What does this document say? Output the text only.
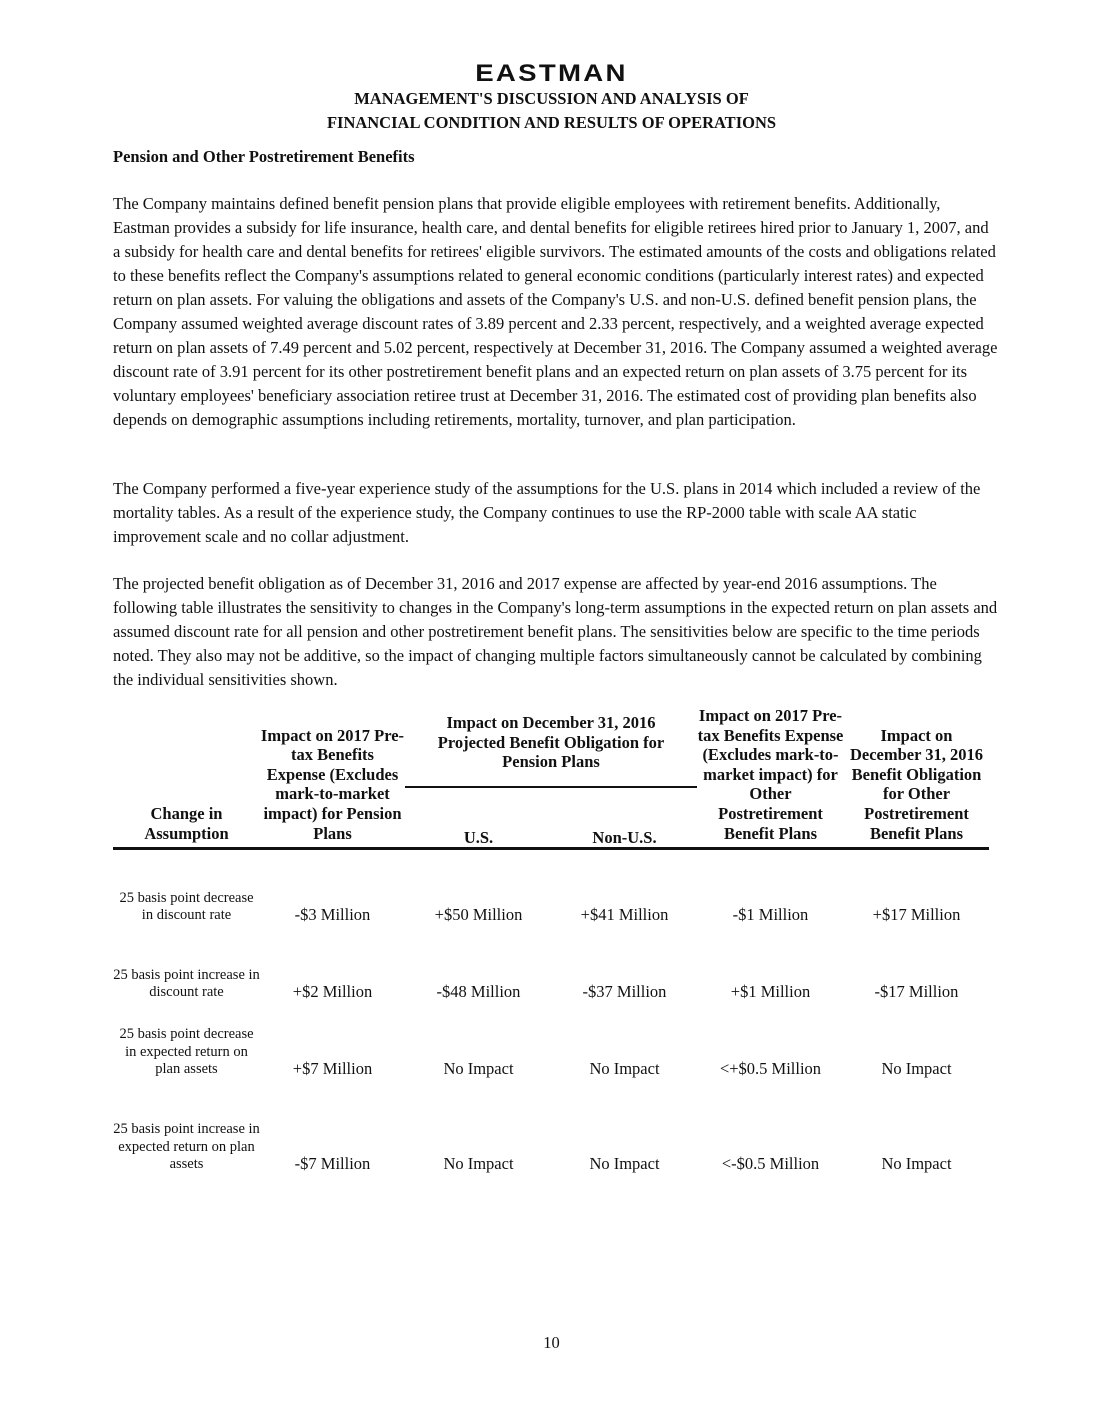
EASTMAN
MANAGEMENT'S DISCUSSION AND ANALYSIS OF
FINANCIAL CONDITION AND RESULTS OF OPERATIONS
Pension and Other Postretirement Benefits

The Company maintains defined benefit pension plans that provide eligible employees with retirement benefits. Additionally, Eastman provides a subsidy for life insurance, health care, and dental benefits for eligible retirees hired prior to January 1, 2007, and a subsidy for health care and dental benefits for retirees' eligible survivors. The estimated amounts of the costs and obligations related to these benefits reflect the Company's assumptions related to general economic conditions (particularly interest rates) and expected return on plan assets. For valuing the obligations and assets of the Company's U.S. and non-U.S. defined benefit pension plans, the Company assumed weighted average discount rates of 3.89 percent and 2.33 percent, respectively, and a weighted average expected return on plan assets of 7.49 percent and 5.02 percent, respectively at December 31, 2016. The Company assumed a weighted average discount rate of 3.91 percent for its other postretirement benefit plans and an expected return on plan assets of 3.75 percent for its voluntary employees' beneficiary association retiree trust at December 31, 2016. The estimated cost of providing plan benefits also depends on demographic assumptions including retirements, mortality, turnover, and plan participation.

The Company performed a five-year experience study of the assumptions for the U.S. plans in 2014 which included a review of the mortality tables. As a result of the experience study, the Company continues to use the RP-2000 table with scale AA static improvement scale and no collar adjustment.

The projected benefit obligation as of December 31, 2016 and 2017 expense are affected by year-end 2016 assumptions. The following table illustrates the sensitivity to changes in the Company's long-term assumptions in the expected return on plan assets and assumed discount rate for all pension and other postretirement benefit plans. The sensitivities below are specific to the time periods noted. They also may not be additive, so the impact of changing multiple factors simultaneously cannot be calculated by combining the individual sensitivities shown.

Change in Assumption	Impact on 2017 Pre-tax Benefits Expense (Excludes mark-to-market impact) for Pension Plans	Impact on December 31, 2016 Projected Benefit Obligation for Pension Plans		Impact on 2017 Pre-tax Benefits Expense (Excludes mark-to-market impact) for Other Postretirement Benefit Plans	Impact on December 31, 2016 Benefit Obligation for Other Postretirement Benefit Plans
		U.S.	Non-U.S.		
25 basis point decrease in discount rate	-$3 Million	+$50 Million	+$41 Million	-$1 Million	+$17 Million
25 basis point increase in discount rate	+$2 Million	-$48 Million	-$37 Million	+$1 Million	-$17 Million
25 basis point decrease in expected return on plan assets	+$7 Million	No Impact	No Impact	<+$0.5 Million	No Impact
25 basis point increase in expected return on plan assets	-$7 Million	No Impact	No Impact	<-$0.5 Million	No Impact
10
